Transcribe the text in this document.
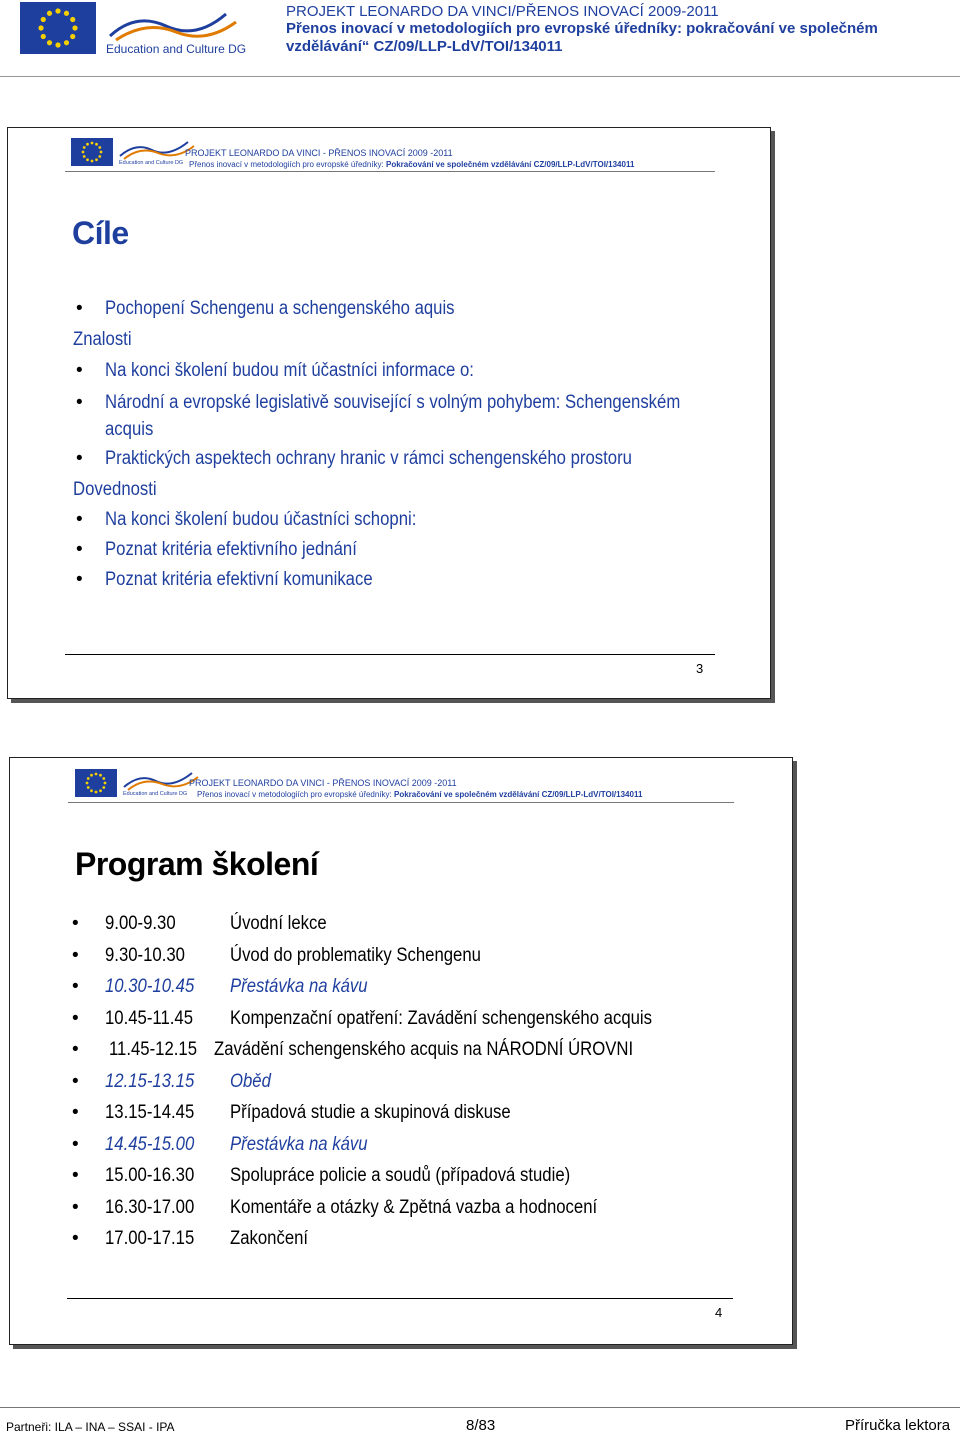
Education and Culture DG
PROJEKT LEONARDO DA VINCI/PŘENOS INOVACÍ 2009-2011
Přenos inovací v metodologiích pro evropské úředníky: pokračování ve společném
vzdělávání“ CZ/09/LLP-LdV/TOI/134011
Education and Culture DG
PROJEKT LEONARDO DA VINCI - PŘENOS INOVACÍ 2009 -2011
Přenos inovací v metodologiích pro evropské úředníky: Pokračování ve společném vzdělávání CZ/09/LLP-LdV/TOI/134011
Cíle
• Pochopení Schengenu a schengenského aquis
Znalosti
• Na konci školení budou mít účastníci informace o:
• Národní a evropské legislativě související s volným pohybem: Schengenském
acquis
• Praktických aspektech ochrany hranic v rámci schengenského prostoru
Dovednosti
• Na konci školení budou účastníci schopni:
• Poznat kritéria efektivního jednání
• Poznat kritéria efektivní komunikace
3
Education and Culture DG
PROJEKT LEONARDO DA VINCI - PŘENOS INOVACÍ 2009 -2011
Přenos inovací v metodologiích pro evropské úředníky: Pokračování ve společném vzdělávání CZ/09/LLP-LdV/TOI/134011
Program školení
• 9.00-9.30	Úvodní lekce
• 9.30-10.30 Úvod do problematiky Schengenu
• 10.30-10.45 Přestávka na kávu
• 10.45-11.45 Kompenzační opatření: Zavádění schengenského acquis
• 11.45-12.15 Zavádění schengenského acquis na NÁRODNÍ ÚROVNI
• 12.15-13.15 Oběd
• 13.15-14.45 Případová studie a skupinová diskuse
• 14.45-15.00 Přestávka na kávu
• 15.00-16.30 Spolupráce policie a soudů (případová studie)
• 16.30-17.00 Komentáře a otázky & Zpětná vazba a hodnocení
• 17.00-17.15 Zakončení
4
Partneři: ILA – INA – SSAI - IPA	8/83	Příručka lektora
